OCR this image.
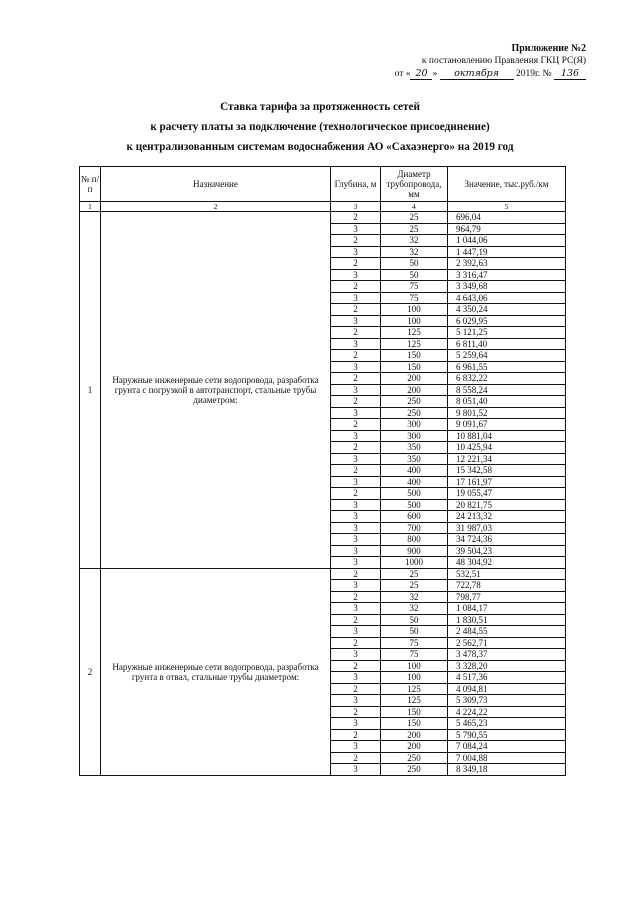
Приложение №2
к постановлению Правления ГКЦ РС(Я)
от « 20 » октября 2019г. № 136
Ставка тарифа за протяженность сетей
к расчету платы за подключение (технологическое присоединение)
к централизованным системам водоснабжения АО «Сахаэнерго» на 2019 год
№ п/п	Назначение	Глубина, м	Диаметр трубопровода, мм	Значение, тыс.руб./км
1	2	3	4	5
1	Наружные инженерные сети водопровода, разработка грунта с погрузкой в автотранспорт, стальные трубы диаметром:	2	25	696,04
		3	25	964,79
		2	32	1 044,06
		3	32	1 447,19
		2	50	2 392,63
		3	50	3 316,47
		2	75	3 349,68
		3	75	4 643,06
		2	100	4 350,24
		3	100	6 029,95
		2	125	5 121,25
		3	125	6 811,40
		2	150	5 259,64
		3	150	6 961,55
		2	200	6 832,22
		3	200	8 558,24
		2	250	8 051,40
		3	250	9 801,52
		2	300	9 091,67
		3	300	10 881,04
		2	350	10 425,94
		3	350	12 221,34
		2	400	15 342,58
		3	400	17 161,97
		2	500	19 055,47
		3	500	20 821,75
		3	600	24 213,32
		3	700	31 987,03
		3	800	34 724,36
		3	900	39 504,23
		3	1000	48 304,92
2	Наружные инженерные сети водопровода, разработка грунта в отвал, стальные трубы диаметром:	2	25	532,51
		3	25	722,78
		2	32	798,77
		3	32	1 084,17
		2	50	1 830,51
		3	50	2 484,55
		2	75	2 562,71
		3	75	3 478,37
		2	100	3 328,20
		3	100	4 517,36
		2	125	4 094,81
		3	125	5 309,73
		2	150	4 224,22
		3	150	5 465,23
		2	200	5 790,55
		3	200	7 084,24
		2	250	7 004,88
		3	250	8 349,18
